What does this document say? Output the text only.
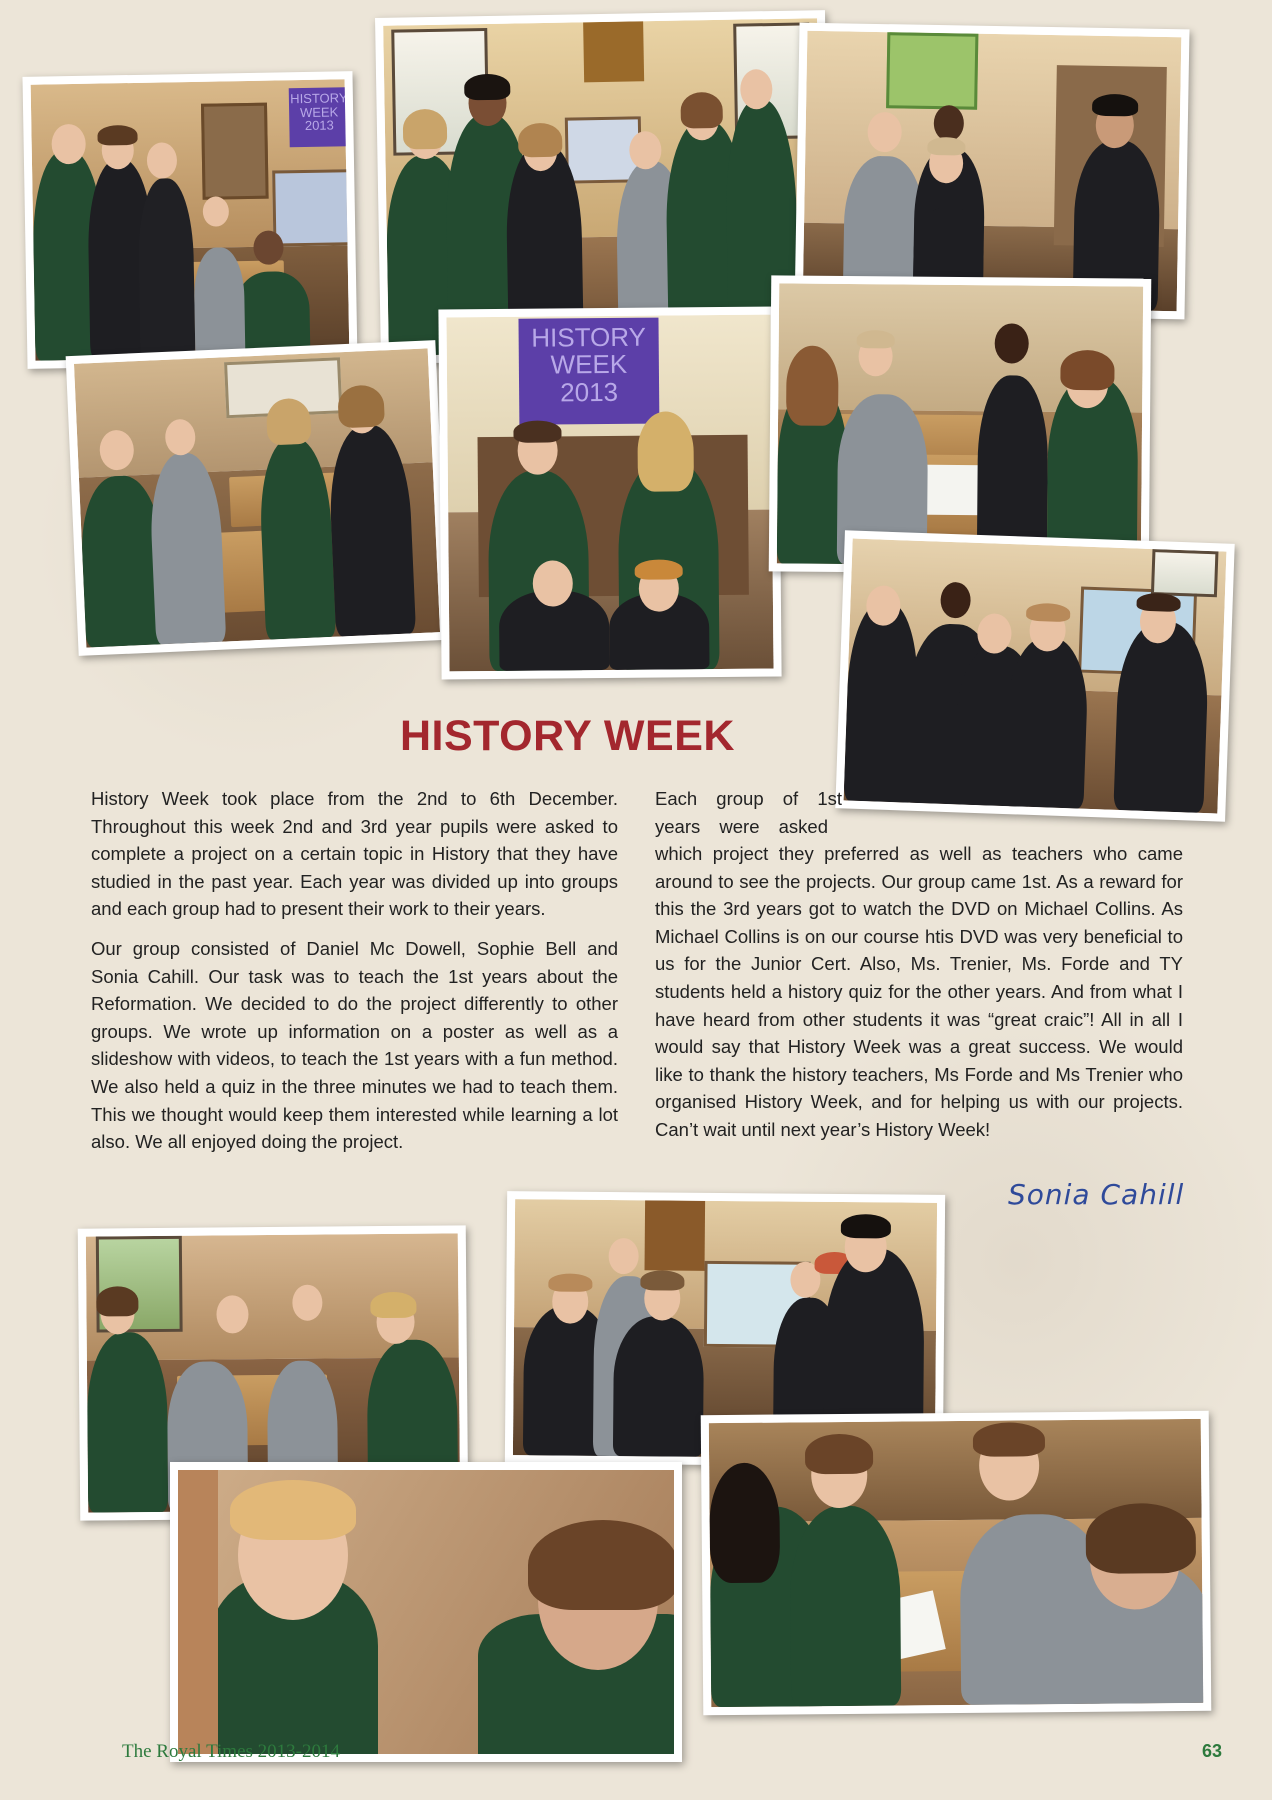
HISTORY WEEK 2013
HISTORY WEEK 2013
HISTORY WEEK

History Week took place from the 2nd to 6th December. Throughout this week 2nd and 3rd year pupils were asked to complete a project on a certain topic in History that they have studied in the past year. Each year was divided up into groups and each group had to present their work to their years.

Our group consisted of Daniel Mc Dowell, Sophie Bell and Sonia Cahill. Our task was to teach the 1st years about the Reformation. We decided to do the project differently to other groups. We wrote up information on a poster as well as a slideshow with videos, to teach the 1st years with a fun method. We also held a quiz in the three minutes we had to teach them. This we thought would keep them interested while learning a lot also. We all enjoyed doing the project.

Each group of 1st years were asked

which project they preferred as well as teachers who came around to see the projects. Our group came 1st. As a reward for this the 3rd years got to watch the DVD on Michael Collins. As Michael Collins is on our course htis DVD was very beneficial to us for the Junior Cert. Also, Ms. Trenier, Ms. Forde and TY students held a history quiz for the other years. And from what I have heard from other students it was “great craic”! All in all I would say that History Week was a great success. We would like to thank the history teachers, Ms Forde and Ms Trenier who organised History Week, and for helping us with our projects. Can’t wait until next year’s History Week!

Sonia Cahill
The Royal Times 2013-2014	63
